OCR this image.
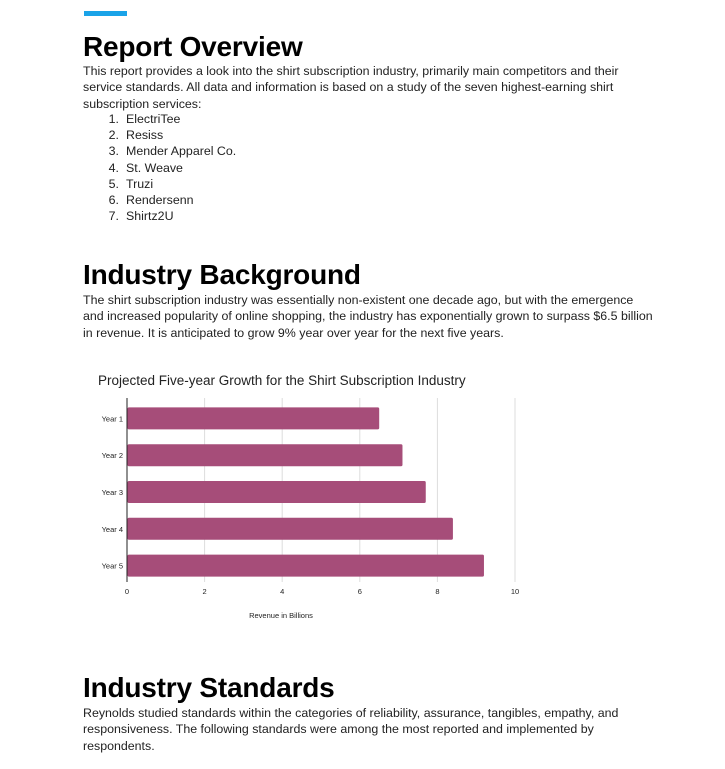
Report Overview

This report provides a look into the shirt subscription industry, primarily main competitors and their service standards. All data and information is based on a study of the seven highest-earning shirt subscription services:

1. ElectriTee
2. Resiss
3. Mender Apparel Co.
4. St. Weave
5. Truzi
6. Rendersenn
7. Shirtz2U
Industry Background

The shirt subscription industry was essentially non-existent one decade ago, but with the emergence and increased popularity of online shopping, the industry has exponentially grown to surpass $6.5 billion in revenue. It is anticipated to grow 9% year over year for the next five years.

Projected Five-year Growth for the Shirt Subscription Industry
0	2	4	6	8	10
Year 1
Year 2
Year 3
Year 4
Year 5
Revenue in Billions
Industry Standards

Reynolds studied standards within the categories of reliability, assurance, tangibles, empathy, and responsiveness. The following standards were among the most reported and implemented by respondents.
